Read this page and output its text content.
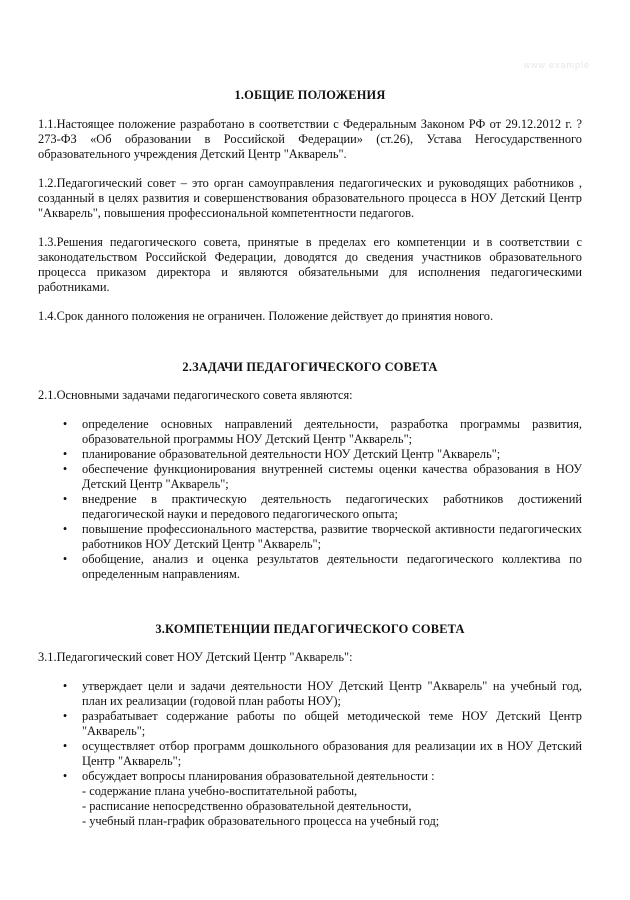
www.example
1.ОБЩИЕ ПОЛОЖЕНИЯ

1.1.Настоящее положение разработано в соответствии с Федеральным Законом РФ от 29.12.2012 г. ? 273-ФЗ «Об образовании в Российской Федерации» (ст.26), Устава Негосударственного образовательного учреждения Детский Центр "Акварель".

1.2.Педагогический совет – это орган самоуправления педагогических и руководящих работников , созданный в целях развития и совершенствования образовательного процесса в НОУ Детский Центр "Акварель", повышения профессиональной компетентности педагогов.

1.3.Решения педагогического совета, принятые в пределах его компетенции и в соответствии с законодательством Российской Федерации, доводятся до сведения участников образовательного процесса приказом директора и являются обязательными для исполнения педагогическими работниками.

1.4.Срок данного положения не ограничен. Положение действует до принятия нового.

2.ЗАДАЧИ ПЕДАГОГИЧЕСКОГО СОВЕТА

2.1.Основными задачами педагогического совета являются:

• определение основных направлений деятельности, разработка программы развития, образовательной программы НОУ Детский Центр "Акварель";
• планирование образовательной деятельности НОУ Детский Центр "Акварель";
• обеспечение функционирования внутренней системы оценки качества образования в НОУ Детский Центр "Акварель";
• внедрение в практическую деятельность педагогических работников достижений педагогической науки и передового педагогического опыта;
• повышение профессионального мастерства, развитие творческой активности педагогических работников НОУ Детский Центр "Акварель";
• обобщение, анализ и оценка результатов деятельности педагогического коллектива по определенным направлениям.
3.КОМПЕТЕНЦИИ ПЕДАГОГИЧЕСКОГО СОВЕТА

3.1.Педагогический совет НОУ Детский Центр "Акварель":

• утверждает цели и задачи деятельности НОУ Детский Центр "Акварель" на учебный год, план их реализации (годовой план работы НОУ);
• разрабатывает содержание работы по общей методической теме НОУ Детский Центр "Акварель";
• осуществляет отбор программ дошкольного образования для реализации их в НОУ Детский Центр "Акварель";
• обсуждает вопросы планирования образовательной деятельности :
- содержание плана учебно-воспитательной работы,
- расписание непосредственно образовательной деятельности,
- учебный план-график образовательного процесса на учебный год;
